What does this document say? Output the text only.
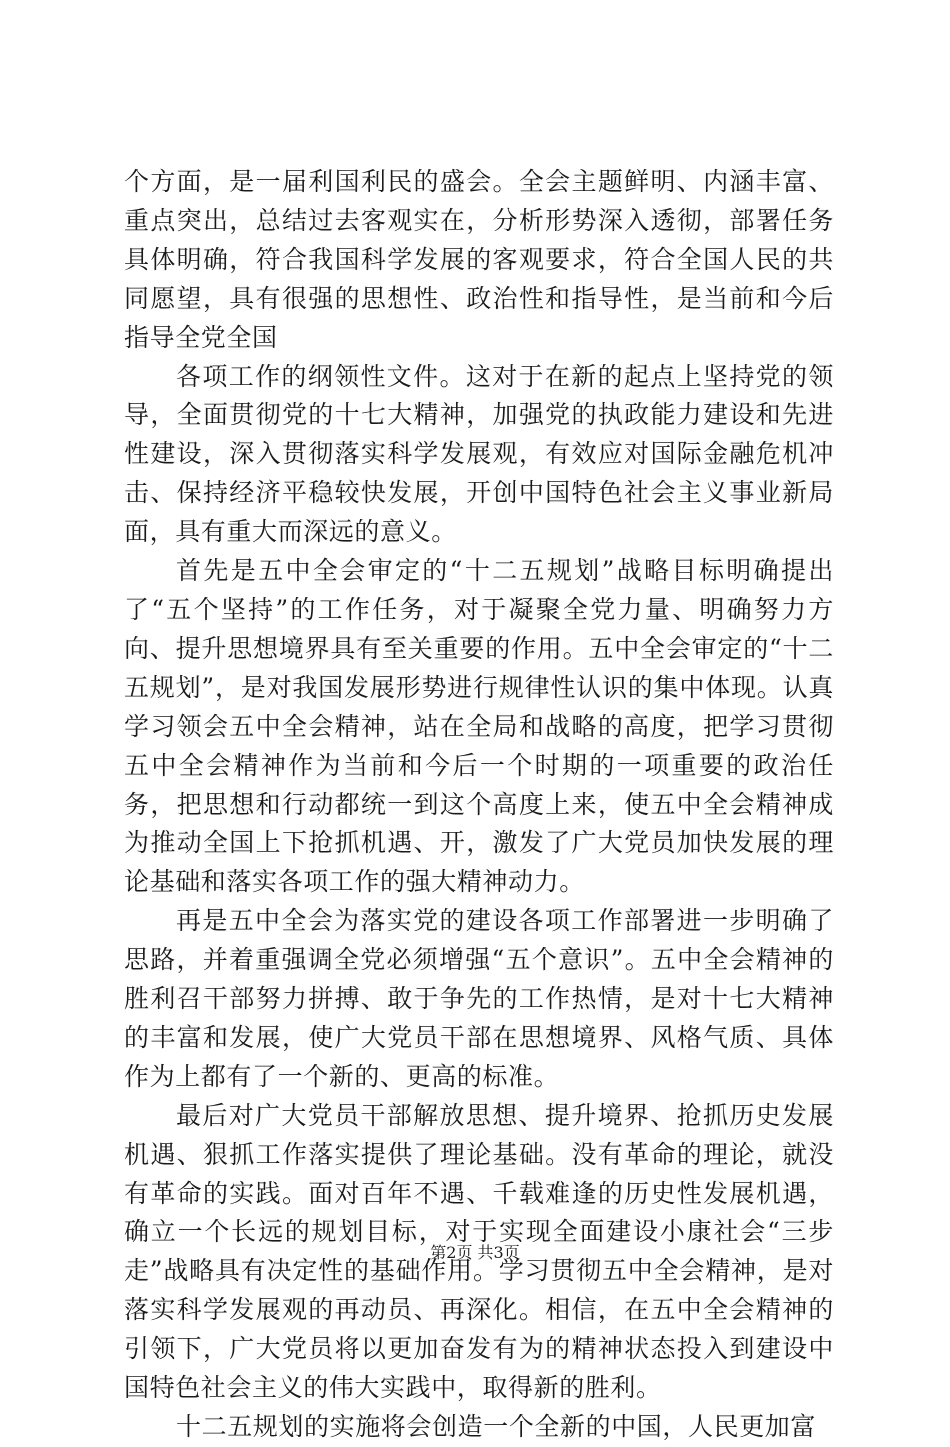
个方面，是一届利国利民的盛会。全会主题鲜明、内涵丰富、重点突出，总结过去客观实在，分析形势深入透彻，部署任务具体明确，符合我国科学发展的客观要求，符合全国人民的共同愿望，具有很强的思想性、政治性和指导性，是当前和今后指导全党全国

各项工作的纲领性文件。这对于在新的起点上坚持党的领导，全面贯彻党的十七大精神，加强党的执政能力建设和先进性建设，深入贯彻落实科学发展观，有效应对国际金融危机冲击、保持经济平稳较快发展，开创中国特色社会主义事业新局面，具有重大而深远的意义。

首先是五中全会审定的“十二五规划”战略目标明确提出了“五个坚持”的工作任务，对于凝聚全党力量、明确努力方向、提升思想境界具有至关重要的作用。五中全会审定的“十二五规划”，是对我国发展形势进行规律性认识的集中体现。认真学习领会五中全会精神，站在全局和战略的高度，把学习贯彻五中全会精神作为当前和今后一个时期的一项重要的政治任务，把思想和行动都统一到这个高度上来，使五中全会精神成为推动全国上下抢抓机遇、开，激发了广大党员加快发展的理论基础和落实各项工作的强大精神动力。

再是五中全会为落实党的建设各项工作部署进一步明确了思路，并着重强调全党必须增强“五个意识”。五中全会精神的胜利召干部努力拼搏、敢于争先的工作热情，是对十七大精神的丰富和发展，使广大党员干部在思想境界、风格气质、具体作为上都有了一个新的、更高的标准。

最后对广大党员干部解放思想、提升境界、抢抓历史发展机遇、狠抓工作落实提供了理论基础。没有革命的理论，就没有革命的实践。面对百年不遇、千载难逢的历史性发展机遇，确立一个长远的规划目标，对于实现全面建设小康社会“三步走”战略具有决定性的基础作用。学习贯彻五中全会精神，是对落实科学发展观的再动员、再深化。相信，在五中全会精神的引领下，广大党员将以更加奋发有为的精神状态投入到建设中国特色社会主义的伟大实践中，取得新的胜利。

十二五规划的实施将会创造一个全新的中国，人民更加富

第2页 共3页
